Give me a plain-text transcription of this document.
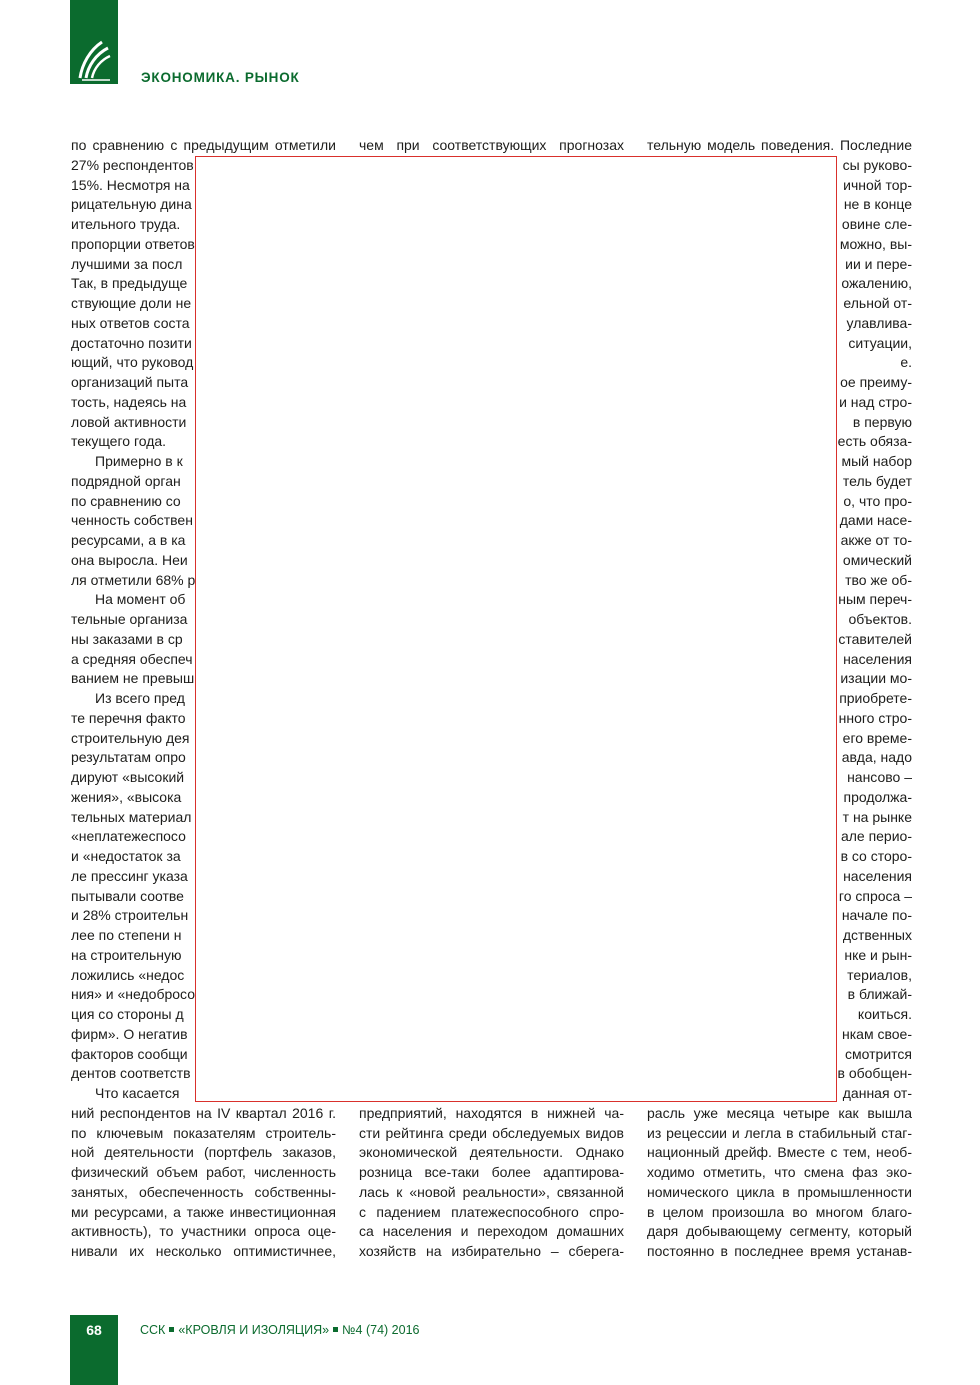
ЭКОНОМИКА. РЫНОК
по сравнению с предыдущим отметили
27% респондентов
15%. Несмотря на
рицательную дина
ительного труда.
пропорции ответов
лучшими за посл
Так, в предыдуще
ствующие доли не
ных ответов соста
достаточно позити
ющий, что руковод
организаций пыта
тость, надеясь на
ловой активности
текущего года.
Примерно в к
подрядной орган
по сравнению со
ченность собствен
ресурсами, а в ка
она выросла. Неи
ля отметили 68% р
На момент об
тельные организа
ны заказами в ср
а средняя обеспеч
ванием не превыш
Из всего пред
те перечня факто
строительную дея
результатам опро
дируют «высокий
жения», «высока
тельных материал
«неплатежеспосо
и «недостаток за
ле прессинг указа
пытывали соотве
и 28% строительн
лее по степени н
на строительную
ложились «недос
ния» и «недобросо
ция со стороны д
фирм». О негатив
факторов сообщи
дентов соответств
Что касается
ний респондентов на IV квартал 2016 г.
по ключевым показателям строитель-
ной деятельности (портфель заказов,
физический объем работ, численность
занятых, обеспеченность собственны-
ми ресурсами, а также инвестиционная
активность), то участники опроса оце-
нивали их несколько оптимистичнее,
чем при соответствующих прогнозах
предприятий, находятся в нижней ча-
сти рейтинга среди обследуемых видов
экономической деятельности. Однако
розница все-таки более адаптирова-
лась к «новой реальности», связанной
с падением платежеспособного спро-
са населения и переходом домашних
хозяйств на избирательно – сберега-
тельную модель поведения. Последние
сы руково-
ичной тор-
не в конце
овине сле-
можно, вы-
ии и пере-
ожалению,
ельной от-
улавлива-
ситуации,
е.
ое преиму-
и над стро-
в первую
есть обяза-
мый набор
тель будет
о, что про-
дами насе-
акже от то-
омический
тво же об-
ным переч-
объектов.
ставителей
населения
изации мо-
приобрете-
нного стро-
его време-
авда, надо
нансово –
продолжа-
т на рынке
але перио-
в со сторо-
населения
го спроса –
начале по-
дственных
нке и рын-
териалов,
в ближай-
коиться.
нкам свое-
смотрится
в обобщен-
данная от-
расль уже месяца четыре как вышла
из рецессии и легла в стабильный стаг-
национный дрейф. Вместе с тем, необ-
ходимо отметить, что смена фаз эко-
номического цикла в промышленности
в целом произошла во многом благо-
даря добывающему сегменту, который
постоянно в последнее время устанав-
68	ССК «КРОВЛЯ И ИЗОЛЯЦИЯ» №4 (74) 2016
